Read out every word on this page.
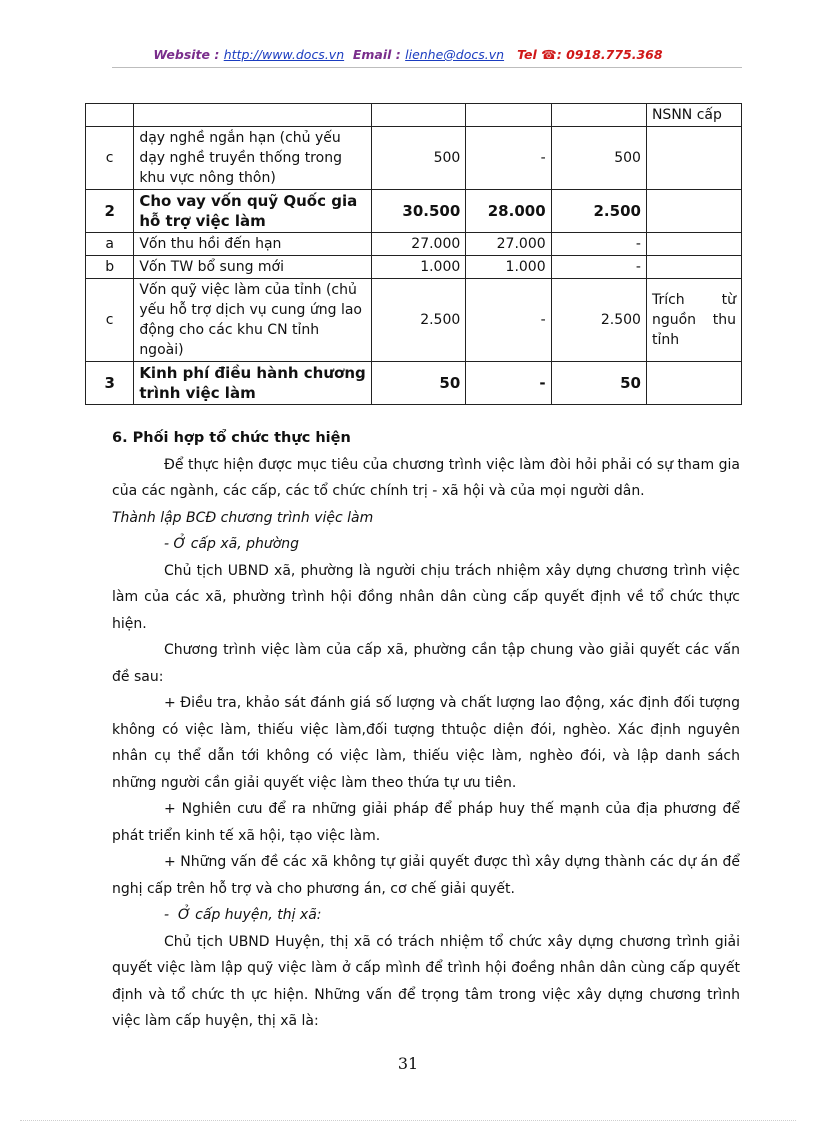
Website : http://www.docs.vn Email : lienhe@docs.vn Tel ☎: 0918.775.368
					NSNN cấp
c	dạy nghề ngắn hạn (chủ yếu dạy nghề truyền thống trong khu vực nông thôn)	500	-	500	
2	Cho vay vốn quỹ Quốc gia hỗ trợ việc làm	30.500	28.000	2.500	
a	Vốn thu hồi đến hạn	27.000	27.000	-	
b	Vốn TW bổ sung mới	1.000	1.000	-	
c	Vốn quỹ việc làm của tỉnh (chủ yếu hỗ trợ dịch vụ cung ứng lao động cho các khu CN tỉnh ngoài)	2.500	-	2.500	Trích từ nguồn thu tỉnh
3	Kinh phí điều hành chương trình việc làm	50	-	50	

6. Phối hợp tổ chức thực hiện

Để thực hiện được mục tiêu của chương trình việc làm đòi hỏi phải có sự tham gia của các ngành, các cấp, các tổ chức chính trị - xã hội và của mọi người dân.

Thành lập BCĐ chương trình việc làm

- Ở cấp xã, phường

Chủ tịch UBND xã, phường là người chịu trách nhiệm xây dựng chương trình việc làm của các xã, phường trình hội đồng nhân dân cùng cấp quyết định về tổ chức thực hiện.

Chương trình việc làm của cấp xã, phường cần tập chung vào giải quyết các vấn đề sau:

+ Điều tra, khảo sát đánh giá số lượng và chất lượng lao động, xác định đối tượng không có việc làm, thiếu việc làm,đối tượng thtuộc diện đói, nghèo. Xác định nguyên nhân cụ thể dẫn tới không có việc làm, thiếu việc làm, nghèo đói, và lập danh sách những người cần giải quyết việc làm theo thứa tự ưu tiên.

+ Nghiên cưu để ra những giải pháp để pháp huy thế mạnh của địa phương để phát triển kinh tế xã hội, tạo việc làm.

+ Những vấn đề các xã không tự giải quyết được thì xây dựng thành các dự án để nghị cấp trên hỗ trợ và cho phương án, cơ chế giải quyết.

-  Ở cấp huyện, thị xã:

Chủ tịch UBND Huyện, thị xã có trách nhiệm tổ chức xây dựng chương trình giải quyết việc làm lập quỹ việc làm ở cấp mình để trình hội đoềng nhân dân cùng cấp quyết định và tổ chức th ực hiện. Những vấn để trọng tâm trong việc xây dựng chương trình việc làm cấp huyện, thị xã là:

31
